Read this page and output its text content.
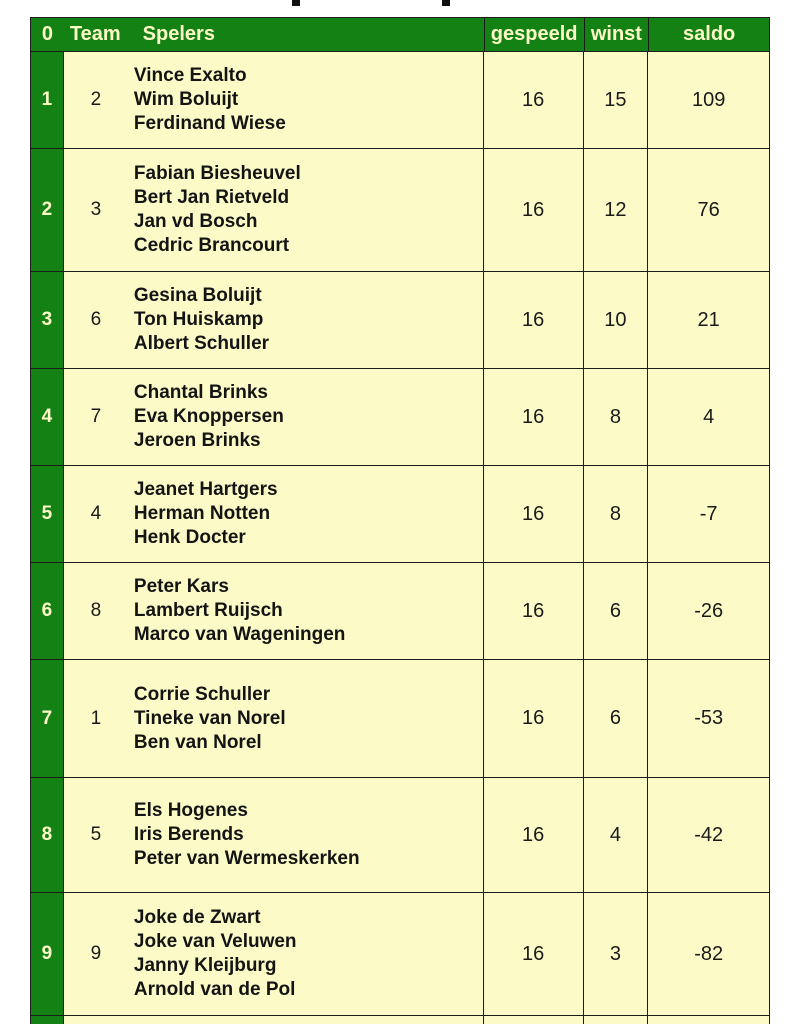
0 Team Spelers	gespeeld winst	saldo
1	2
Vince Exalto
Wim Boluijt
Ferdinand Wiese
16	15	109
2	3
Fabian Biesheuvel
Bert Jan Rietveld
Jan vd Bosch
Cedric Brancourt
16	12	76
3	6
Gesina Boluijt
Ton Huiskamp
Albert Schuller
16	10	21
4	7
Chantal Brinks
Eva Knoppersen
Jeroen Brinks
16	8	4
5	4
Jeanet Hartgers
Herman Notten
Henk Docter
16	8	-7
6	8
Peter Kars
Lambert Ruijsch
Marco van Wageningen
16	6	-26
7	1
Corrie Schuller
Tineke van Norel
Ben van Norel
16	6	-53
8	5
Els Hogenes
Iris Berends
Peter van Wermeskerken
16	4	-42
9	9
Joke de Zwart
Joke van Veluwen
Janny Kleijburg
Arnold van de Pol
16	3	-82
